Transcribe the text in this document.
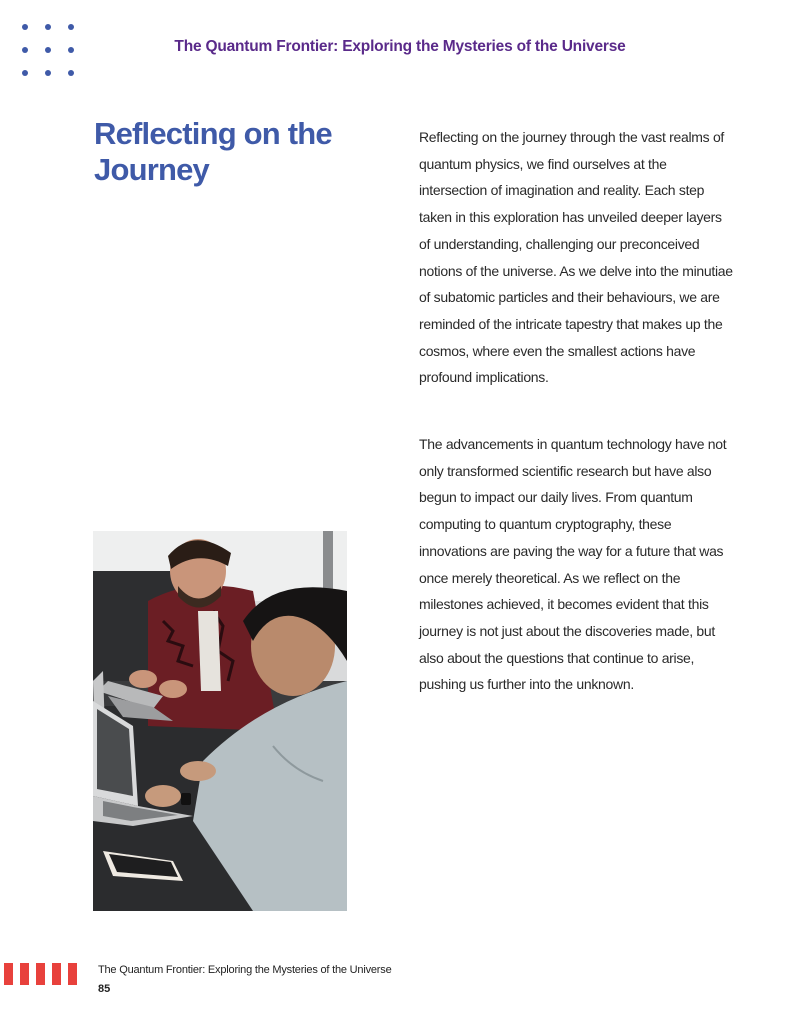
The Quantum Frontier: Exploring the Mysteries of the Universe
Reflecting on the Journey

Reflecting on the journey through the vast realms of quantum physics, we find ourselves at the intersection of imagination and reality. Each step taken in this exploration has unveiled deeper layers of understanding, challenging our preconceived notions of the universe. As we delve into the minutiae of subatomic particles and their behaviours, we are reminded of the intricate tapestry that makes up the cosmos, where even the smallest actions have profound implications.

The advancements in quantum technology have not only transformed scientific research but have also begun to impact our daily lives. From quantum computing to quantum cryptography, these innovations are paving the way for a future that was once merely theoretical. As we reflect on the milestones achieved, it becomes evident that this journey is not just about the discoveries made, but also about the questions that continue to arise, pushing us further into the unknown.

The Quantum Frontier: Exploring the Mysteries of the Universe
85
